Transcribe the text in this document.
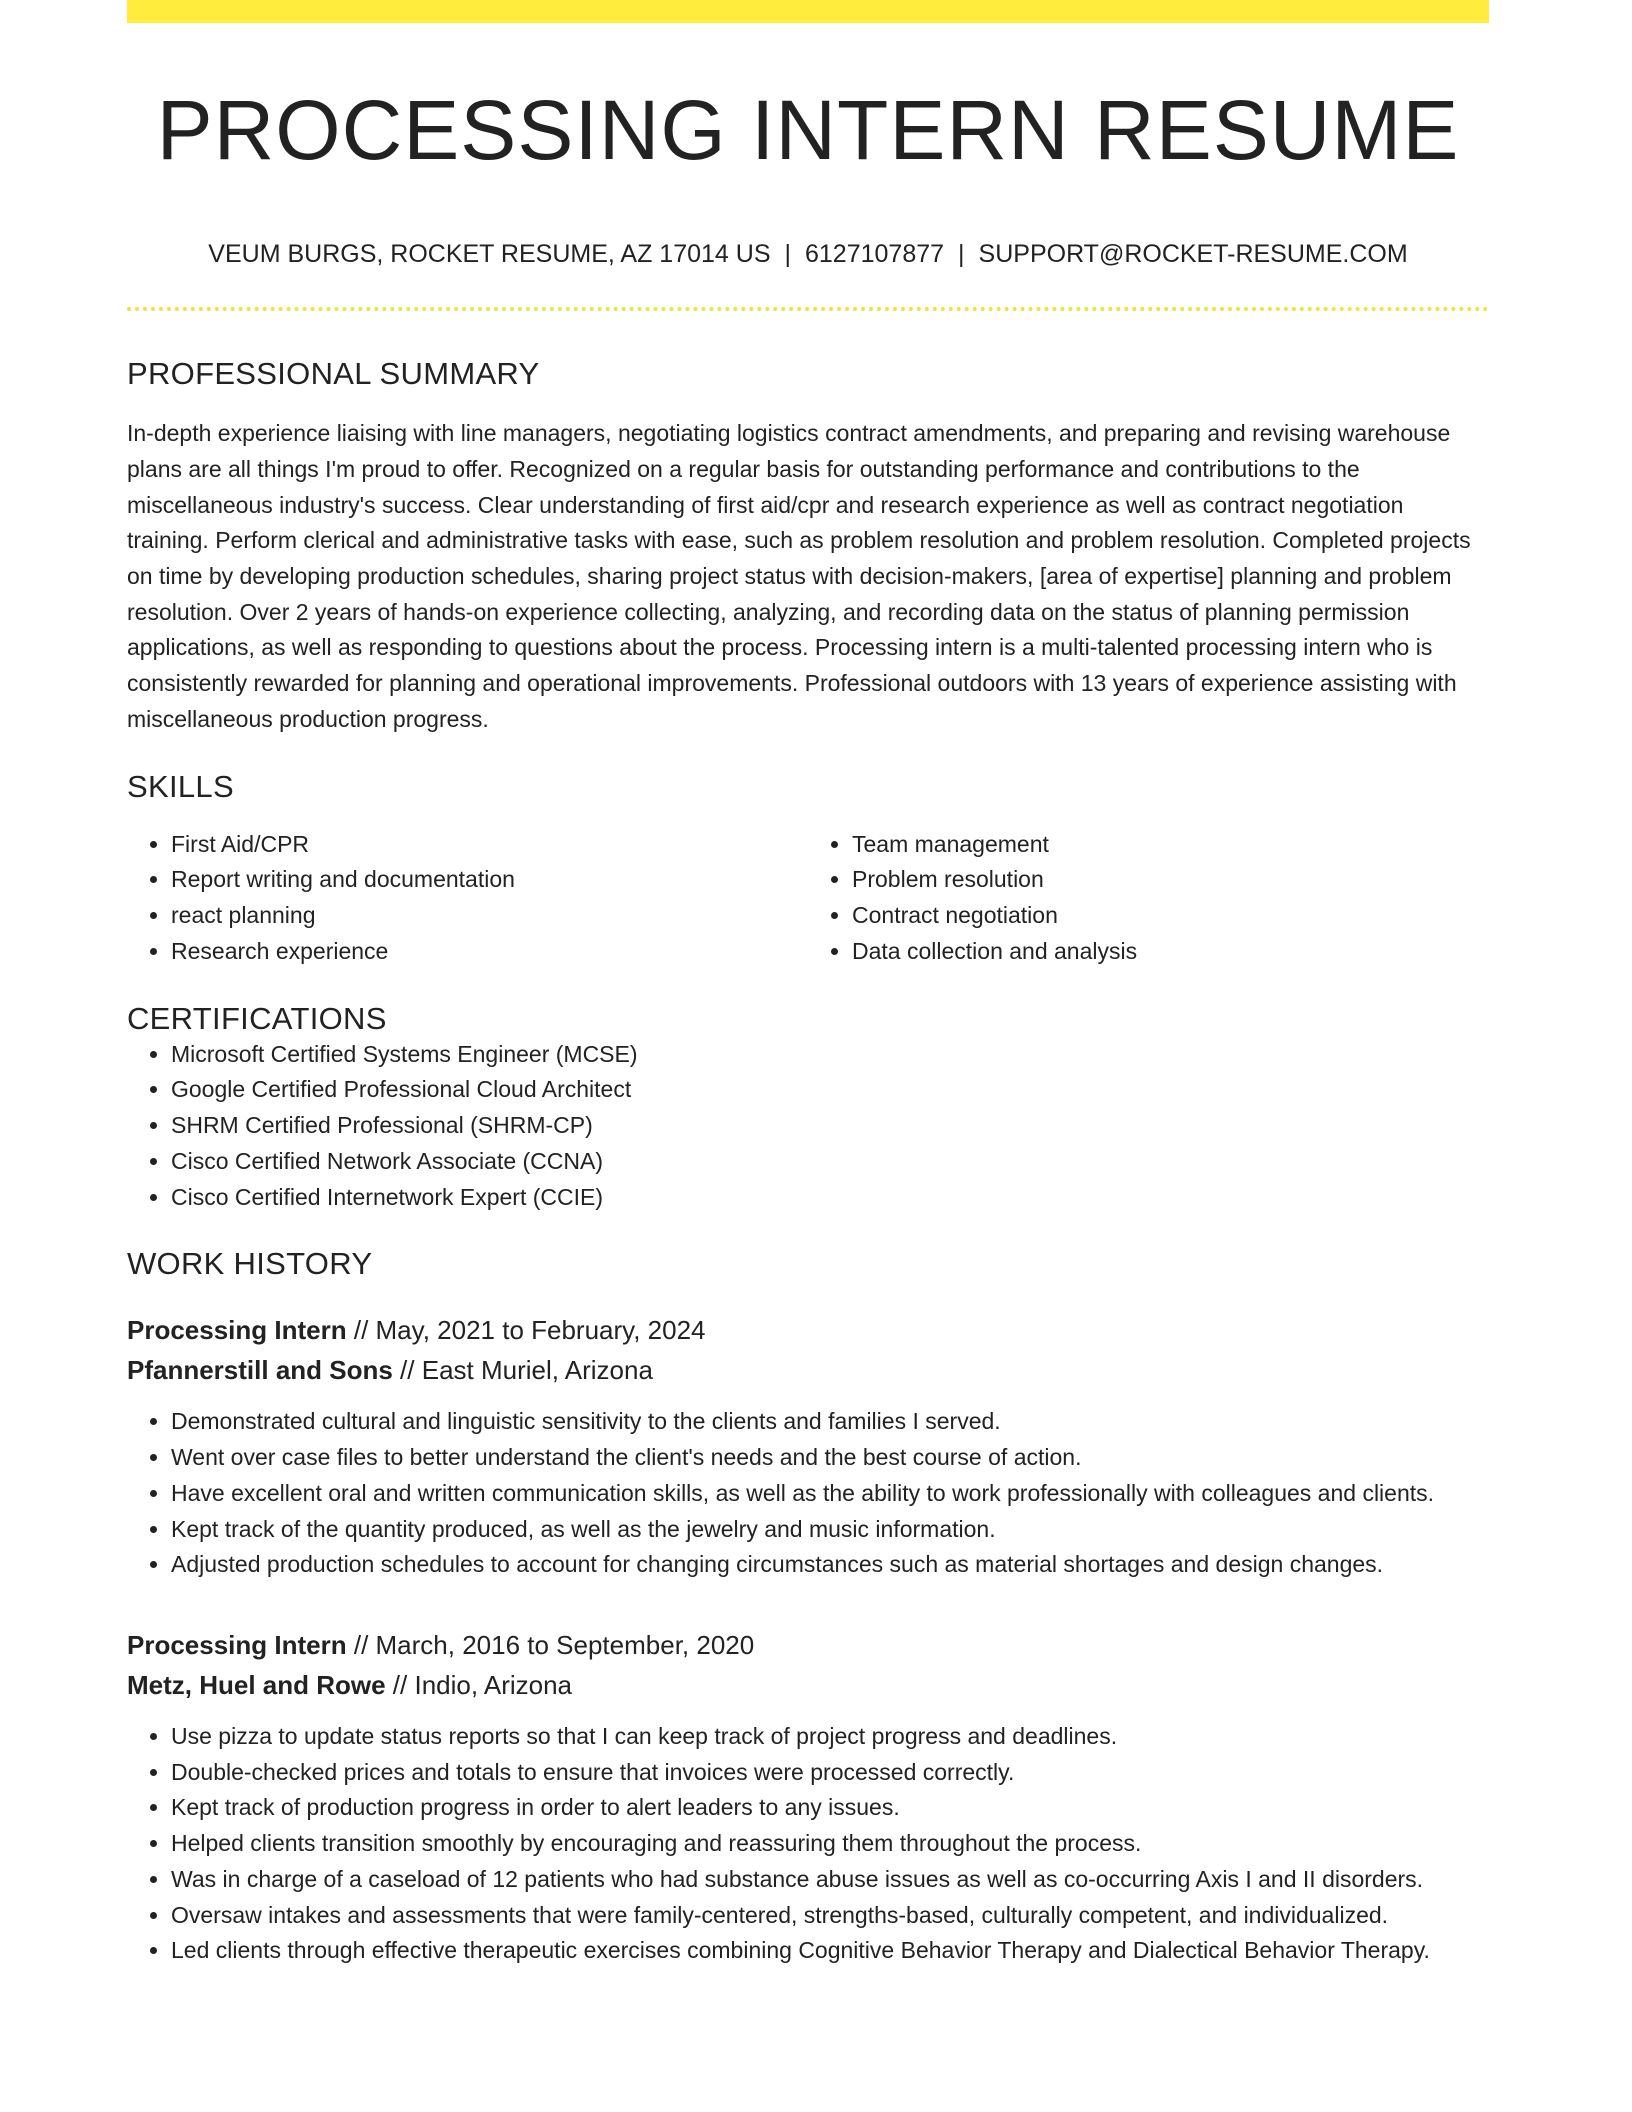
PROCESSING INTERN RESUME
VEUM BURGS, ROCKET RESUME, AZ 17014 US | 6127107877 | SUPPORT@ROCKET-RESUME.COM
PROFESSIONAL SUMMARY

In-depth experience liaising with line managers, negotiating logistics contract amendments, and preparing and revising warehouse plans are all things I'm proud to offer. Recognized on a regular basis for outstanding performance and contributions to the miscellaneous industry's success. Clear understanding of first aid/cpr and research experience as well as contract negotiation training. Perform clerical and administrative tasks with ease, such as problem resolution and problem resolution. Completed projects on time by developing production schedules, sharing project status with decision-makers, [area of expertise] planning and problem resolution. Over 2 years of hands-on experience collecting, analyzing, and recording data on the status of planning permission applications, as well as responding to questions about the process. Processing intern is a multi-talented processing intern who is consistently rewarded for planning and operational improvements. Professional outdoors with 13 years of experience assisting with miscellaneous production progress.

SKILLS
• First Aid/CPR
• Report writing and documentation
• react planning
• Research experience
• Team management
• Problem resolution
• Contract negotiation
• Data collection and analysis
CERTIFICATIONS
• Microsoft Certified Systems Engineer (MCSE)
• Google Certified Professional Cloud Architect
• SHRM Certified Professional (SHRM-CP)
• Cisco Certified Network Associate (CCNA)
• Cisco Certified Internetwork Expert (CCIE)
WORK HISTORY
Processing Intern // May, 2021 to February, 2024
Pfannerstill and Sons // East Muriel, Arizona
• Demonstrated cultural and linguistic sensitivity to the clients and families I served.
• Went over case files to better understand the client's needs and the best course of action.
• Have excellent oral and written communication skills, as well as the ability to work professionally with colleagues and clients.
• Kept track of the quantity produced, as well as the jewelry and music information.
• Adjusted production schedules to account for changing circumstances such as material shortages and design changes.
Processing Intern // March, 2016 to September, 2020
Metz, Huel and Rowe // Indio, Arizona
• Use pizza to update status reports so that I can keep track of project progress and deadlines.
• Double-checked prices and totals to ensure that invoices were processed correctly.
• Kept track of production progress in order to alert leaders to any issues.
• Helped clients transition smoothly by encouraging and reassuring them throughout the process.
• Was in charge of a caseload of 12 patients who had substance abuse issues as well as co-occurring Axis I and II disorders.
• Oversaw intakes and assessments that were family-centered, strengths-based, culturally competent, and individualized.
• Led clients through effective therapeutic exercises combining Cognitive Behavior Therapy and Dialectical Behavior Therapy.
